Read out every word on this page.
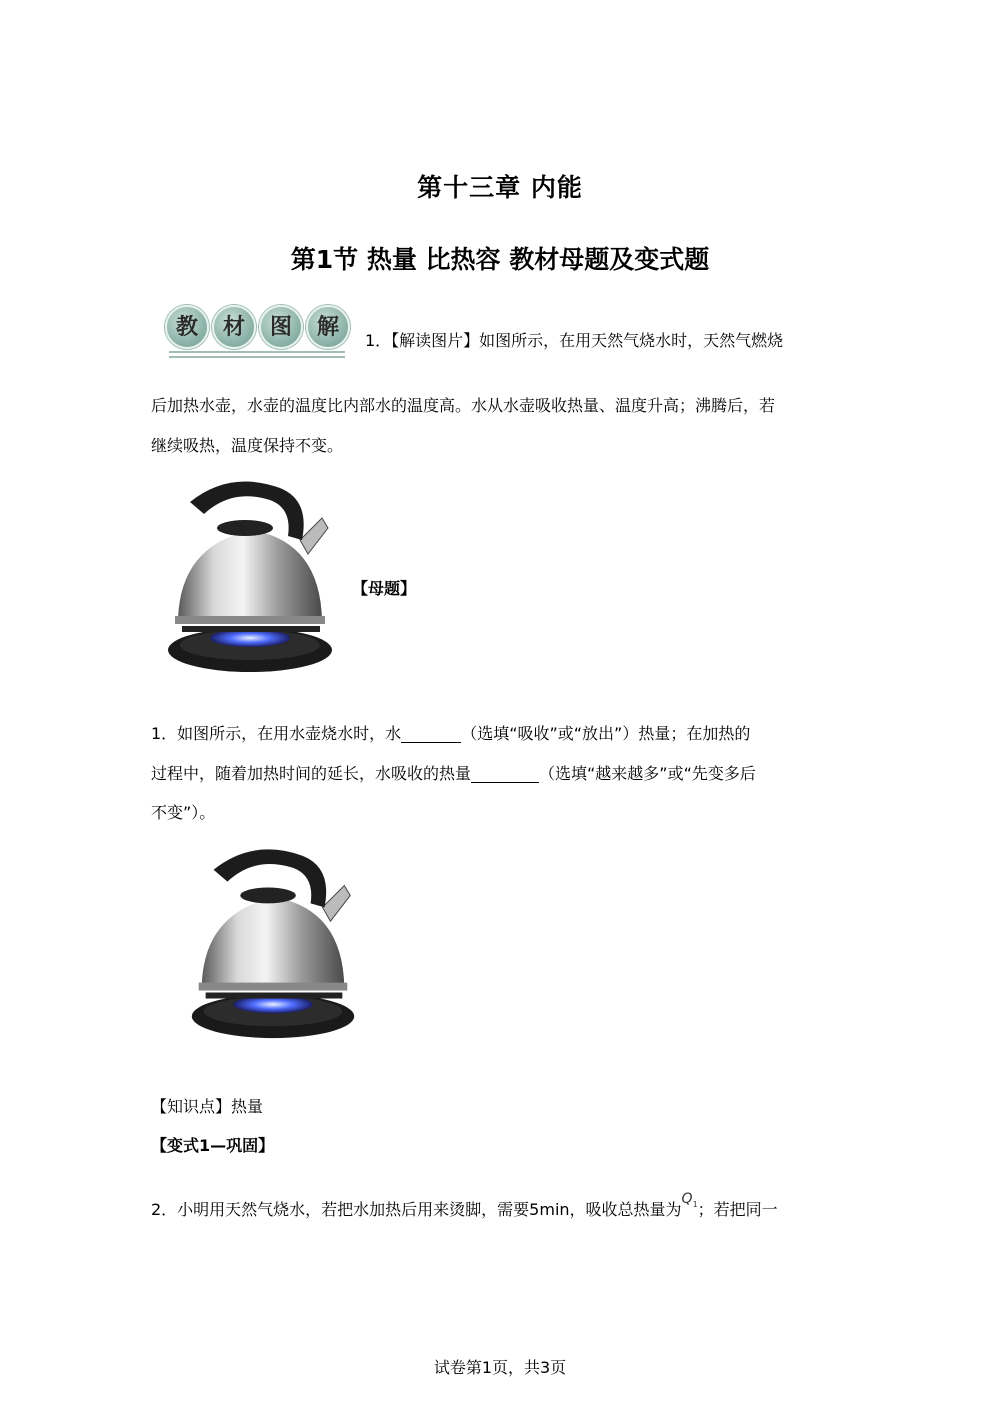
第十三章 内能
第1节 热量 比热容 教材母题及变式题
教	材	图	解
1．【解读图片】如图所示，在用天然气烧水时，天然气燃烧
后加热水壶，水壶的温度比内部水的温度高。水从水壶吸收热量、温度升高；沸腾后，若
继续吸热，温度保持不变。
【母题】
1．如图所示，在用水壶烧水时，水	（选填“吸收”或“放出”）热量；在加热的
过程中，随着加热时间的延长，水吸收的热量	（选填“越来越多”或“先变多后
不变”）。
【知识点】热量
【变式1—巩固】
2．小明用天然气烧水，若把水加热后用来烫脚，需要5min，吸收总热量为$Q_1$；若把同一
试卷第1页，共3页
